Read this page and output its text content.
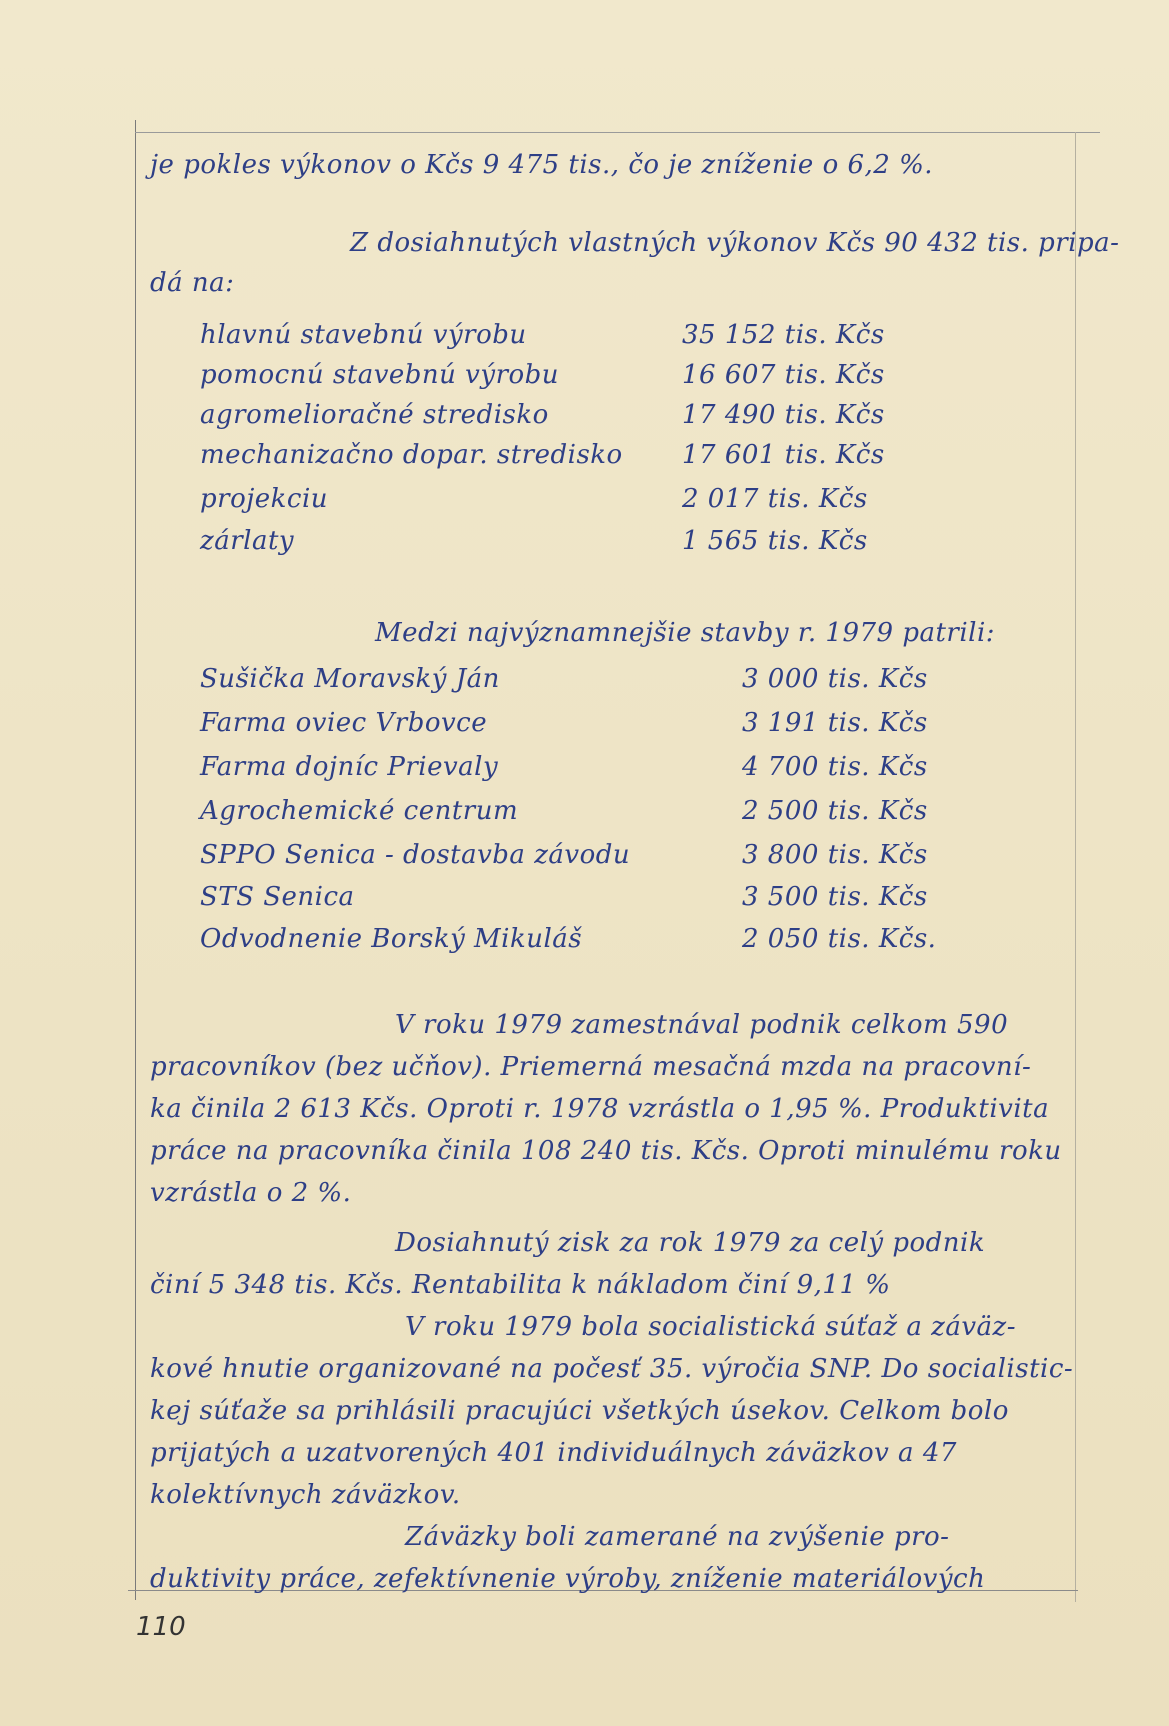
je pokles výkonov o Kčs 9 475 tis., čo je zníženie o 6,2 %.
Z dosiahnutých vlastných výkonov Kčs 90 432 tis. pripa-
dá na:
hlavnú stavebnú výrobu	35 152 tis. Kčs
pomocnú stavebnú výrobu	16 607 tis. Kčs
agromelioračné stredisko	17 490 tis. Kčs
mechanizačno dopar. stredisko 17 601 tis. Kčs
projekciu	2 017 tis. Kčs
zárlaty	1 565 tis. Kčs
Medzi najvýznamnejšie stavby r. 1979 patrili:
Sušička Moravský Ján	3 000 tis. Kčs
Farma oviec Vrbovce	3 191 tis. Kčs
Farma dojníc Prievaly	4 700 tis. Kčs
Agrochemické centrum	2 500 tis. Kčs
SPPO Senica - dostavba závodu	3 800 tis. Kčs
STS Senica	3 500 tis. Kčs
Odvodnenie Borský Mikuláš	2 050 tis. Kčs.
V roku 1979 zamestnával podnik celkom 590
pracovníkov (bez učňov). Priemerná mesačná mzda na pracovní-
ka činila 2 613 Kčs. Oproti r. 1978 vzrástla o 1,95 %. Produktivita
práce na pracovníka činila 108 240 tis. Kčs. Oproti minulému roku
vzrástla o 2 %.
Dosiahnutý zisk za rok 1979 za celý podnik
činí 5 348 tis. Kčs. Rentabilita k nákladom činí 9,11 %
V roku 1979 bola socialistická súťaž a záväz-
kové hnutie organizované na počesť 35. výročia SNP. Do socialistic-
kej súťaže sa prihlásili pracujúci všetkých úsekov. Celkom bolo
prijatých a uzatvorených 401 individuálnych záväzkov a 47
kolektívnych záväzkov.
Záväzky boli zamerané na zvýšenie pro-
duktivity práce, zefektívnenie výroby, zníženie materiálových
110
